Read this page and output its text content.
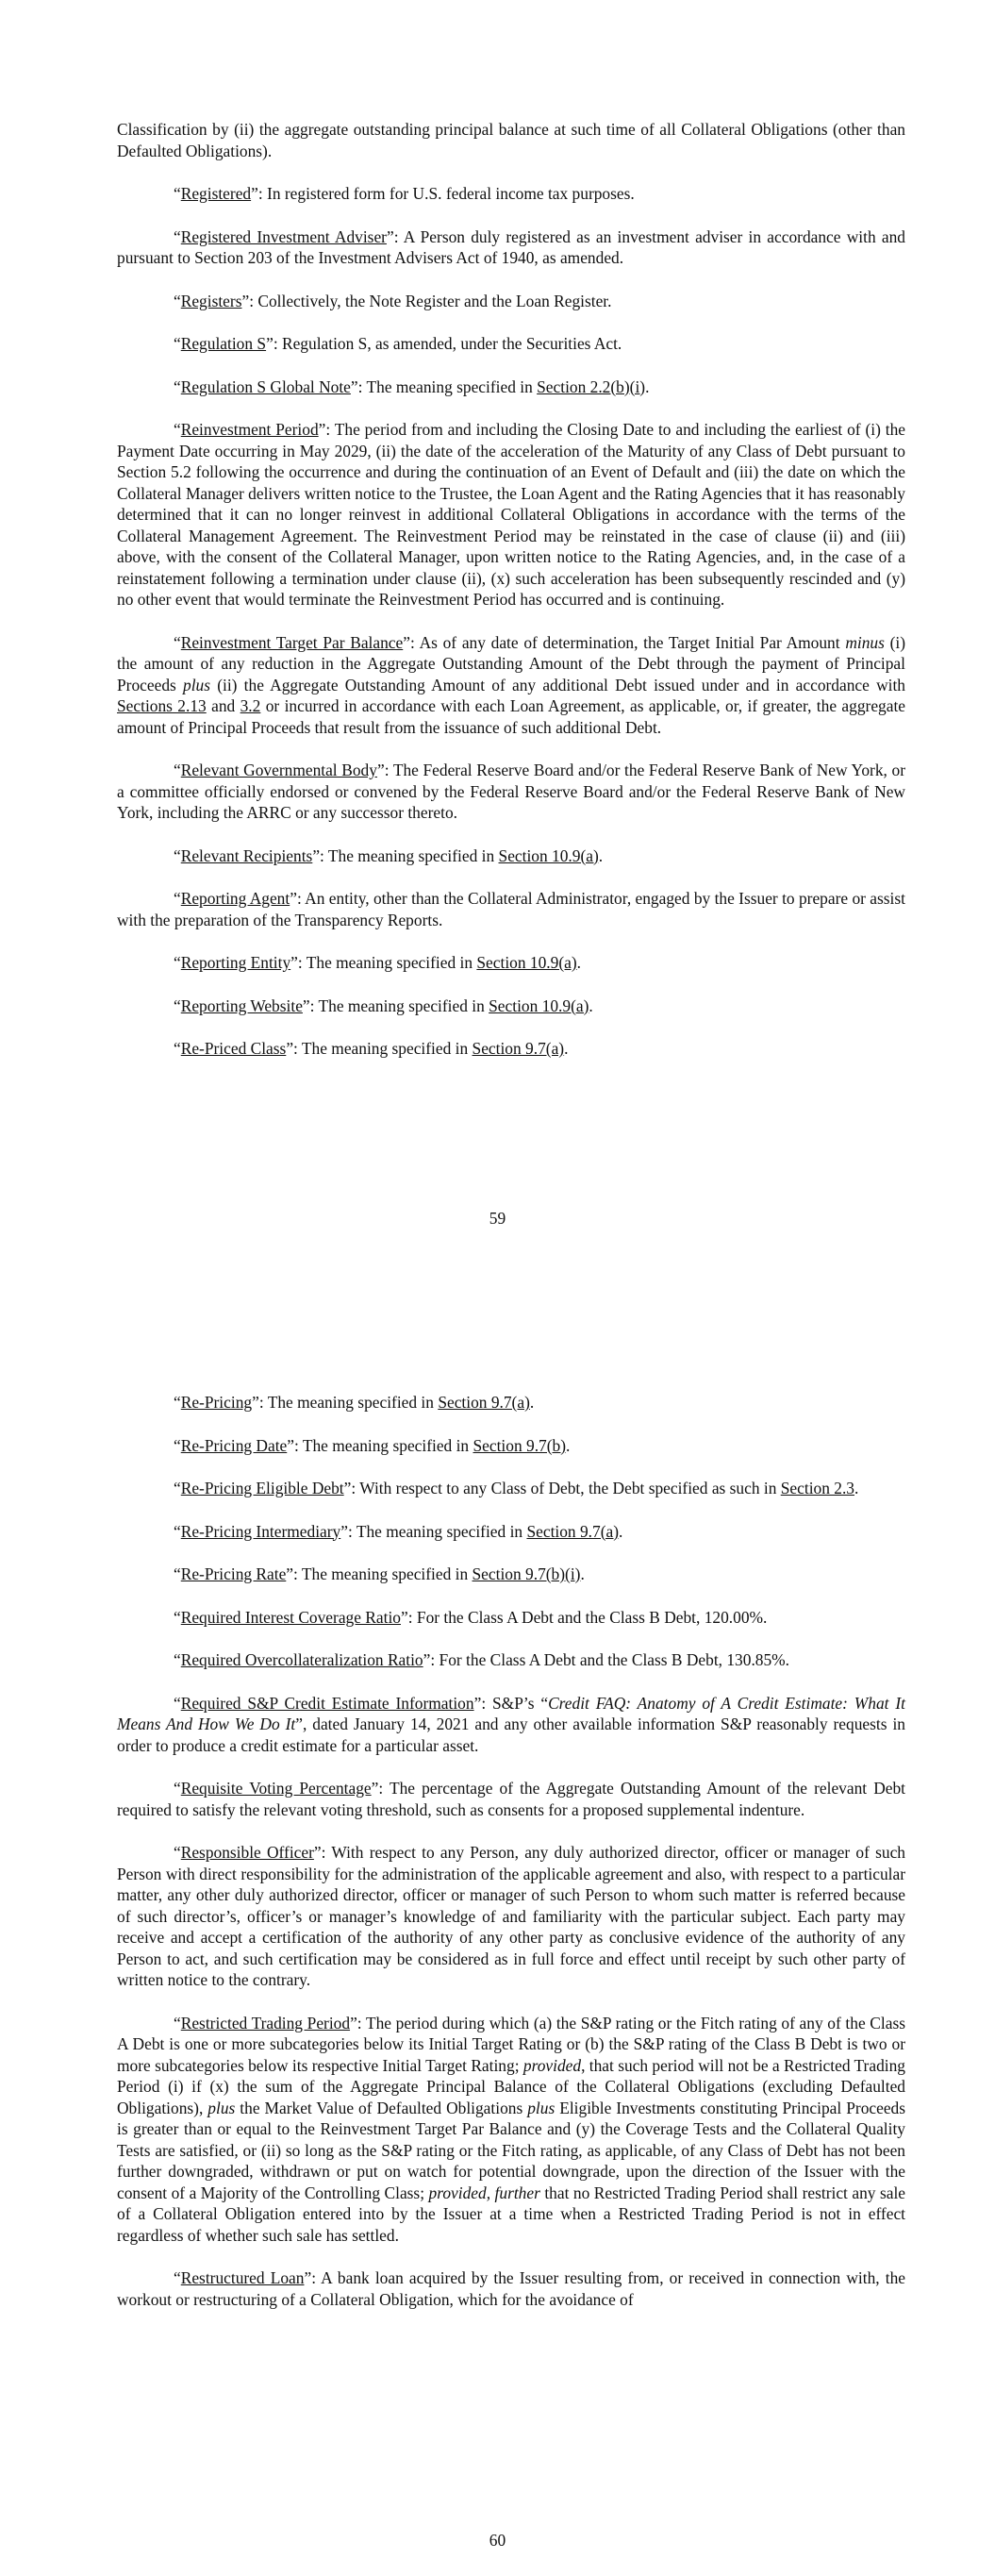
Classification by (ii) the aggregate outstanding principal balance at such time of all Collateral Obligations (other than Defaulted Obligations).

“Registered”: In registered form for U.S. federal income tax purposes.

“Registered Investment Adviser”: A Person duly registered as an investment adviser in accordance with and pursuant to Section 203 of the Investment Advisers Act of 1940, as amended.

“Registers”: Collectively, the Note Register and the Loan Register.

“Regulation S”: Regulation S, as amended, under the Securities Act.

“Regulation S Global Note”: The meaning specified in Section 2.2(b)(i).

“Reinvestment Period”: The period from and including the Closing Date to and including the earliest of (i) the Payment Date occurring in May 2029, (ii) the date of the acceleration of the Maturity of any Class of Debt pursuant to Section 5.2 following the occurrence and during the continuation of an Event of Default and (iii) the date on which the Collateral Manager delivers written notice to the Trustee, the Loan Agent and the Rating Agencies that it has reasonably determined that it can no longer reinvest in additional Collateral Obligations in accordance with the terms of the Collateral Management Agreement. The Reinvestment Period may be reinstated in the case of clause (ii) and (iii) above, with the consent of the Collateral Manager, upon written notice to the Rating Agencies, and, in the case of a reinstatement following a termination under clause (ii), (x) such acceleration has been subsequently rescinded and (y) no other event that would terminate the Reinvestment Period has occurred and is continuing.

“Reinvestment Target Par Balance”: As of any date of determination, the Target Initial Par Amount minus (i) the amount of any reduction in the Aggregate Outstanding Amount of the Debt through the payment of Principal Proceeds plus (ii) the Aggregate Outstanding Amount of any additional Debt issued under and in accordance with Sections 2.13 and 3.2 or incurred in accordance with each Loan Agreement, as applicable, or, if greater, the aggregate amount of Principal Proceeds that result from the issuance of such additional Debt.

“Relevant Governmental Body”: The Federal Reserve Board and/or the Federal Reserve Bank of New York, or a committee officially endorsed or convened by the Federal Reserve Board and/or the Federal Reserve Bank of New York, including the ARRC or any successor thereto.

“Relevant Recipients”: The meaning specified in Section 10.9(a).

“Reporting Agent”: An entity, other than the Collateral Administrator, engaged by the Issuer to prepare or assist with the preparation of the Transparency Reports.

“Reporting Entity”: The meaning specified in Section 10.9(a).

“Reporting Website”: The meaning specified in Section 10.9(a).

“Re-Priced Class”: The meaning specified in Section 9.7(a).

59

“Re-Pricing”: The meaning specified in Section 9.7(a).

“Re-Pricing Date”: The meaning specified in Section 9.7(b).

“Re-Pricing Eligible Debt”: With respect to any Class of Debt, the Debt specified as such in Section 2.3.

“Re-Pricing Intermediary”: The meaning specified in Section 9.7(a).

“Re-Pricing Rate”: The meaning specified in Section 9.7(b)(i).

“Required Interest Coverage Ratio”: For the Class A Debt and the Class B Debt, 120.00%.

“Required Overcollateralization Ratio”: For the Class A Debt and the Class B Debt, 130.85%.

“Required S&P Credit Estimate Information”: S&P’s “Credit FAQ: Anatomy of A Credit Estimate: What It Means And How We Do It”, dated January 14, 2021 and any other available information S&P reasonably requests in order to produce a credit estimate for a particular asset.

“Requisite Voting Percentage”: The percentage of the Aggregate Outstanding Amount of the relevant Debt required to satisfy the relevant voting threshold, such as consents for a proposed supplemental indenture.

“Responsible Officer”: With respect to any Person, any duly authorized director, officer or manager of such Person with direct responsibility for the administration of the applicable agreement and also, with respect to a particular matter, any other duly authorized director, officer or manager of such Person to whom such matter is referred because of such director’s, officer’s or manager’s knowledge of and familiarity with the particular subject. Each party may receive and accept a certification of the authority of any other party as conclusive evidence of the authority of any Person to act, and such certification may be considered as in full force and effect until receipt by such other party of written notice to the contrary.

“Restricted Trading Period”: The period during which (a) the S&P rating or the Fitch rating of any of the Class A Debt is one or more subcategories below its Initial Target Rating or (b) the S&P rating of the Class B Debt is two or more subcategories below its respective Initial Target Rating; provided, that such period will not be a Restricted Trading Period (i) if (x) the sum of the Aggregate Principal Balance of the Collateral Obligations (excluding Defaulted Obligations), plus the Market Value of Defaulted Obligations plus Eligible Investments constituting Principal Proceeds is greater than or equal to the Reinvestment Target Par Balance and (y) the Coverage Tests and the Collateral Quality Tests are satisfied, or (ii) so long as the S&P rating or the Fitch rating, as applicable, of any Class of Debt has not been further downgraded, withdrawn or put on watch for potential downgrade, upon the direction of the Issuer with the consent of a Majority of the Controlling Class; provided, further that no Restricted Trading Period shall restrict any sale of a Collateral Obligation entered into by the Issuer at a time when a Restricted Trading Period is not in effect regardless of whether such sale has settled.

“Restructured Loan”: A bank loan acquired by the Issuer resulting from, or received in connection with, the workout or restructuring of a Collateral Obligation, which for the avoidance of

60
